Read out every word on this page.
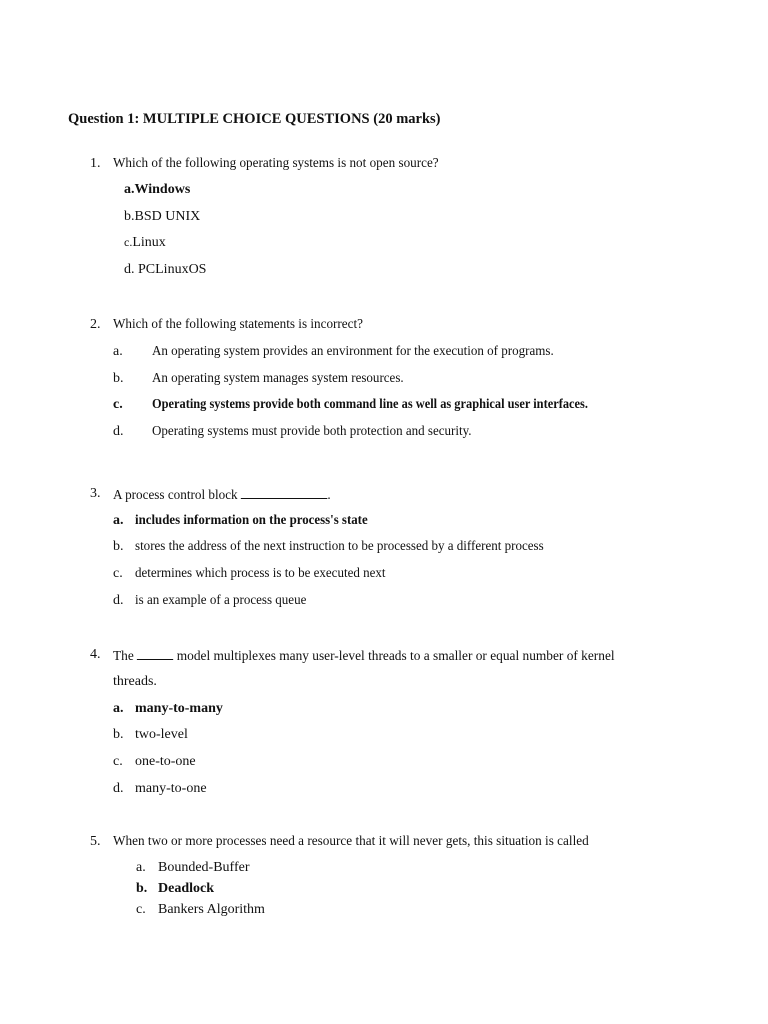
Question 1: MULTIPLE CHOICE QUESTIONS (20 marks)
1. Which of the following operating systems is not open source?
a.Windows
b.BSD UNIX
c.Linux
d. PCLinuxOS
2. Which of the following statements is incorrect?
a. An operating system provides an environment for the execution of programs.
b. An operating system manages system resources.
c. Operating systems provide both command line as well as graphical user interfaces.
d. Operating systems must provide both protection and security.
3. A process control block	.
a. includes information on the process's state
b. stores the address of the next instruction to be processed by a different process
c. determines which process is to be executed next
d. is an example of a process queue
4. The	model multiplexes many user-level threads to a smaller or equal number of kernel
threads.
a. many-to-many
b. two-level
c. one-to-one
d. many-to-one
5. When two or more processes need a resource that it will never gets, this situation is called
a. Bounded-Buffer
b. Deadlock
c. Bankers Algorithm
